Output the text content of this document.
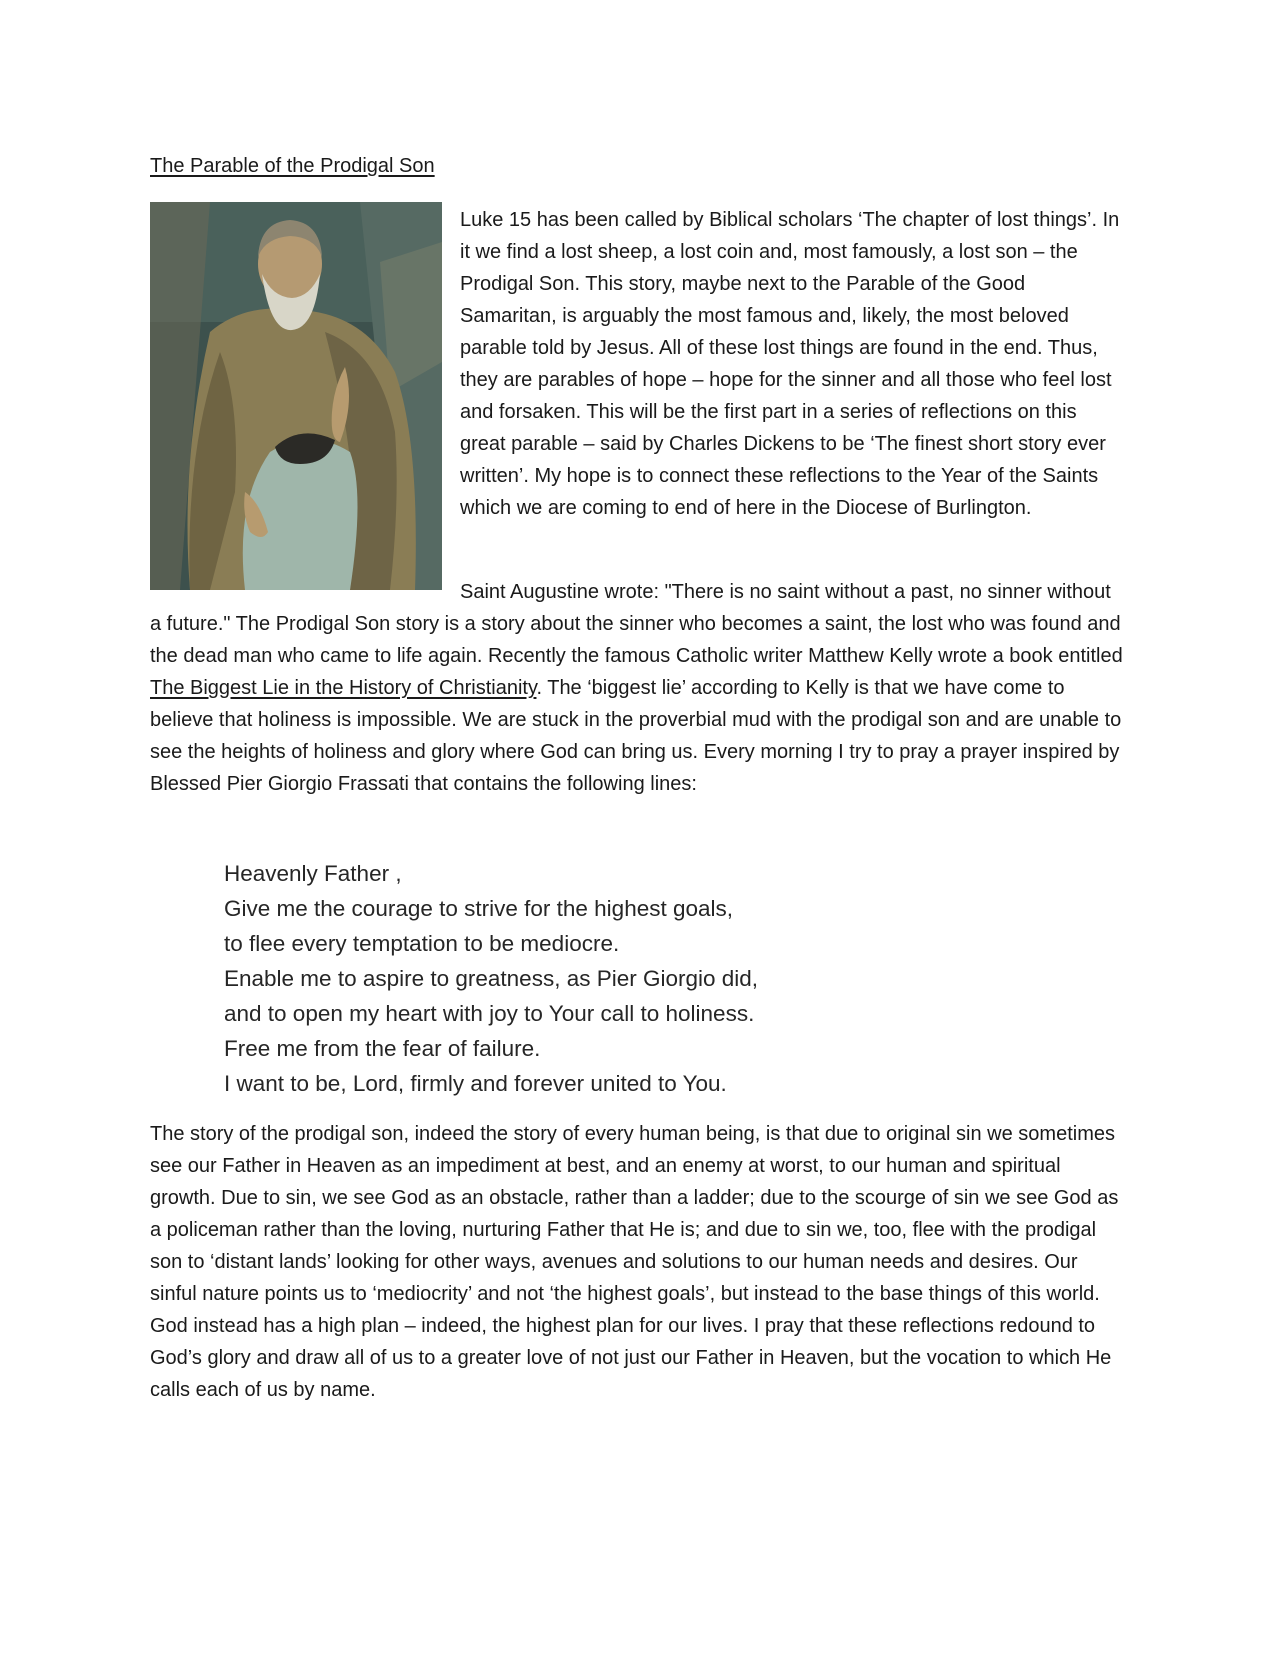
The Parable of the Prodigal Son

Luke 15 has been called by Biblical scholars ‘The chapter of lost things’. In it we find a lost sheep, a lost coin and, most famously, a lost son – the Prodigal Son. This story, maybe next to the Parable of the Good Samaritan, is arguably the most famous and, likely, the most beloved parable told by Jesus. All of these lost things are found in the end. Thus, they are parables of hope – hope for the sinner and all those who feel lost and forsaken. This will be the first part in a series of reflections on this great parable – said by Charles Dickens to be ‘The finest short story ever written’. My hope is to connect these reflections to the Year of the Saints which we are coming to end of here in the Diocese of Burlington.

Saint Augustine wrote: "There is no saint without a past, no sinner without a future." The Prodigal Son story is a story about the sinner who becomes a saint, the lost who was found and the dead man who came to life again. Recently the famous Catholic writer Matthew Kelly wrote a book entitled The Biggest Lie in the History of Christianity. The ‘biggest lie’ according to Kelly is that we have come to believe that holiness is impossible. We are stuck in the proverbial mud with the prodigal son and are unable to see the heights of holiness and glory where God can bring us. Every morning I try to pray a prayer inspired by Blessed Pier Giorgio Frassati that contains the following lines:

Heavenly Father ,
Give me the courage to strive for the highest goals,
to flee every temptation to be mediocre.
Enable me to aspire to greatness, as Pier Giorgio did,
and to open my heart with joy to Your call to holiness.
Free me from the fear of failure.
I want to be, Lord, firmly and forever united to You.

The story of the prodigal son, indeed the story of every human being, is that due to original sin we sometimes see our Father in Heaven as an impediment at best, and an enemy at worst, to our human and spiritual growth. Due to sin, we see God as an obstacle, rather than a ladder; due to the scourge of sin we see God as a policeman rather than the loving, nurturing Father that He is; and due to sin we, too, flee with the prodigal son to ‘distant lands’ looking for other ways, avenues and solutions to our human needs and desires. Our sinful nature points us to ‘mediocrity’ and not ‘the highest goals’, but instead to the base things of this world. God instead has a high plan – indeed, the highest plan for our lives. I pray that these reflections redound to God’s glory and draw all of us to a greater love of not just our Father in Heaven, but the vocation to which He calls each of us by name.
